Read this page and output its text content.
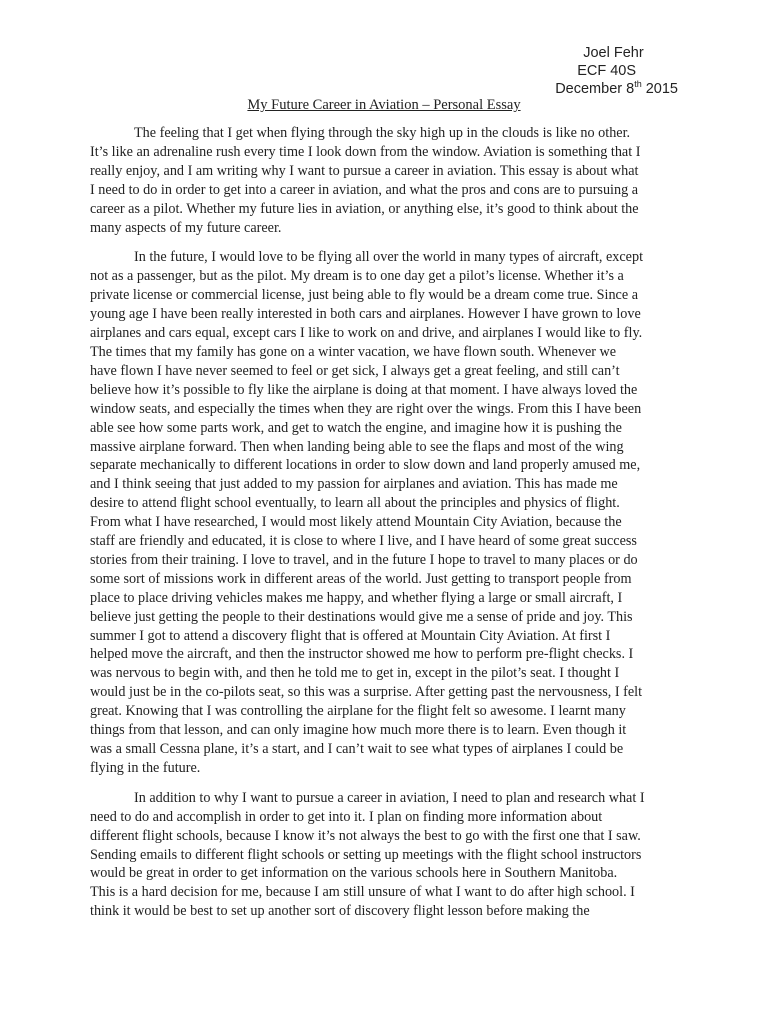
Joel Fehr
ECF 40S
December 8th 2015
My Future Career in Aviation – Personal Essay
The feeling that I get when flying through the sky high up in the clouds is like no other.
It’s like an adrenaline rush every time I look down from the window. Aviation is something that I
really enjoy, and I am writing why I want to pursue a career in aviation. This essay is about what
I need to do in order to get into a career in aviation, and what the pros and cons are to pursuing a
career as a pilot. Whether my future lies in aviation, or anything else, it’s good to think about the
many aspects of my future career.
In the future, I would love to be flying all over the world in many types of aircraft, except
not as a passenger, but as the pilot. My dream is to one day get a pilot’s license. Whether it’s a
private license or commercial license, just being able to fly would be a dream come true. Since a
young age I have been really interested in both cars and airplanes. However I have grown to love
airplanes and cars equal, except cars I like to work on and drive, and airplanes I would like to fly.
The times that my family has gone on a winter vacation, we have flown south. Whenever we
have flown I have never seemed to feel or get sick, I always get a great feeling, and still can’t
believe how it’s possible to fly like the airplane is doing at that moment. I have always loved the
window seats, and especially the times when they are right over the wings. From this I have been
able see how some parts work, and get to watch the engine, and imagine how it is pushing the
massive airplane forward. Then when landing being able to see the flaps and most of the wing
separate mechanically to different locations in order to slow down and land properly amused me,
and I think seeing that just added to my passion for airplanes and aviation. This has made me
desire to attend flight school eventually, to learn all about the principles and physics of flight.
From what I have researched, I would most likely attend Mountain City Aviation, because the
staff are friendly and educated, it is close to where I live, and I have heard of some great success
stories from their training. I love to travel, and in the future I hope to travel to many places or do
some sort of missions work in different areas of the world. Just getting to transport people from
place to place driving vehicles makes me happy, and whether flying a large or small aircraft, I
believe just getting the people to their destinations would give me a sense of pride and joy. This
summer I got to attend a discovery flight that is offered at Mountain City Aviation. At first I
helped move the aircraft, and then the instructor showed me how to perform pre-flight checks. I
was nervous to begin with, and then he told me to get in, except in the pilot’s seat. I thought I
would just be in the co-pilots seat, so this was a surprise. After getting past the nervousness, I felt
great. Knowing that I was controlling the airplane for the flight felt so awesome. I learnt many
things from that lesson, and can only imagine how much more there is to learn. Even though it
was a small Cessna plane, it’s a start, and I can’t wait to see what types of airplanes I could be
flying in the future.
In addition to why I want to pursue a career in aviation, I need to plan and research what I
need to do and accomplish in order to get into it. I plan on finding more information about
different flight schools, because I know it’s not always the best to go with the first one that I saw.
Sending emails to different flight schools or setting up meetings with the flight school instructors
would be great in order to get information on the various schools here in Southern Manitoba.
This is a hard decision for me, because I am still unsure of what I want to do after high school. I
think it would be best to set up another sort of discovery flight lesson before making the
